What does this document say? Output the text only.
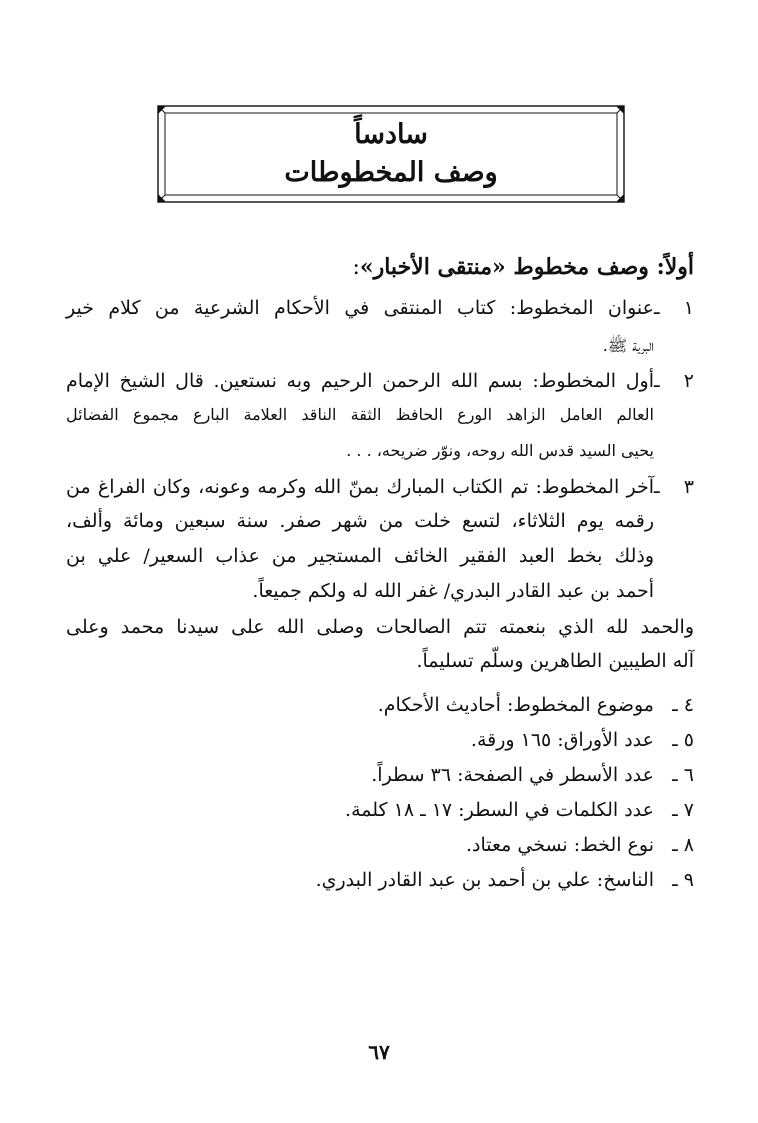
سادساً
وصف المخطوطات
أولاً: وصف مخطوط «منتقى الأخبار»:
١ ـعنوان المخطوط: كتاب المنتقى في الأحكام الشرعية من كلام خير
البرية ﷺ.
٢ ـأول المخطوط: بسم الله الرحمن الرحيم وبه نستعين. قال الشيخ الإمام
العالم العامل الزاهد الورع الحافظ الثقة الناقد العلامة البارع مجموع الفضائل
يحيى السيد قدس الله روحه، ونوّر ضريحه، . . .
٣ ـآخر المخطوط: تم الكتاب المبارك بمنّ الله وكرمه وعونه، وكان الفراغ من
رقمه يوم الثلاثاء، لتسع خلت من شهر صفر. سنة سبعين ومائة وألف،
وذلك بخط العبد الفقير الخائف المستجير من عذاب السعير/ علي بن
أحمد بن عبد القادر البدري/ غفر الله له ولكم جميعاً.
والحمد لله الذي بنعمته تتم الصالحات وصلى الله على سيدنا محمد وعلى
آله الطيبين الطاهرين وسلّم تسليماً.
٤ ـموضوع المخطوط: أحاديث الأحكام.
٥ ـعدد الأوراق: ١٦٥ ورقة.
٦ ـعدد الأسطر في الصفحة: ٣٦ سطراً.
٧ ـعدد الكلمات في السطر: ١٧ ـ ١٨ كلمة.
٨ ـنوع الخط: نسخي معتاد.
٩ ـالناسخ: علي بن أحمد بن عبد القادر البدري.
٦٧
